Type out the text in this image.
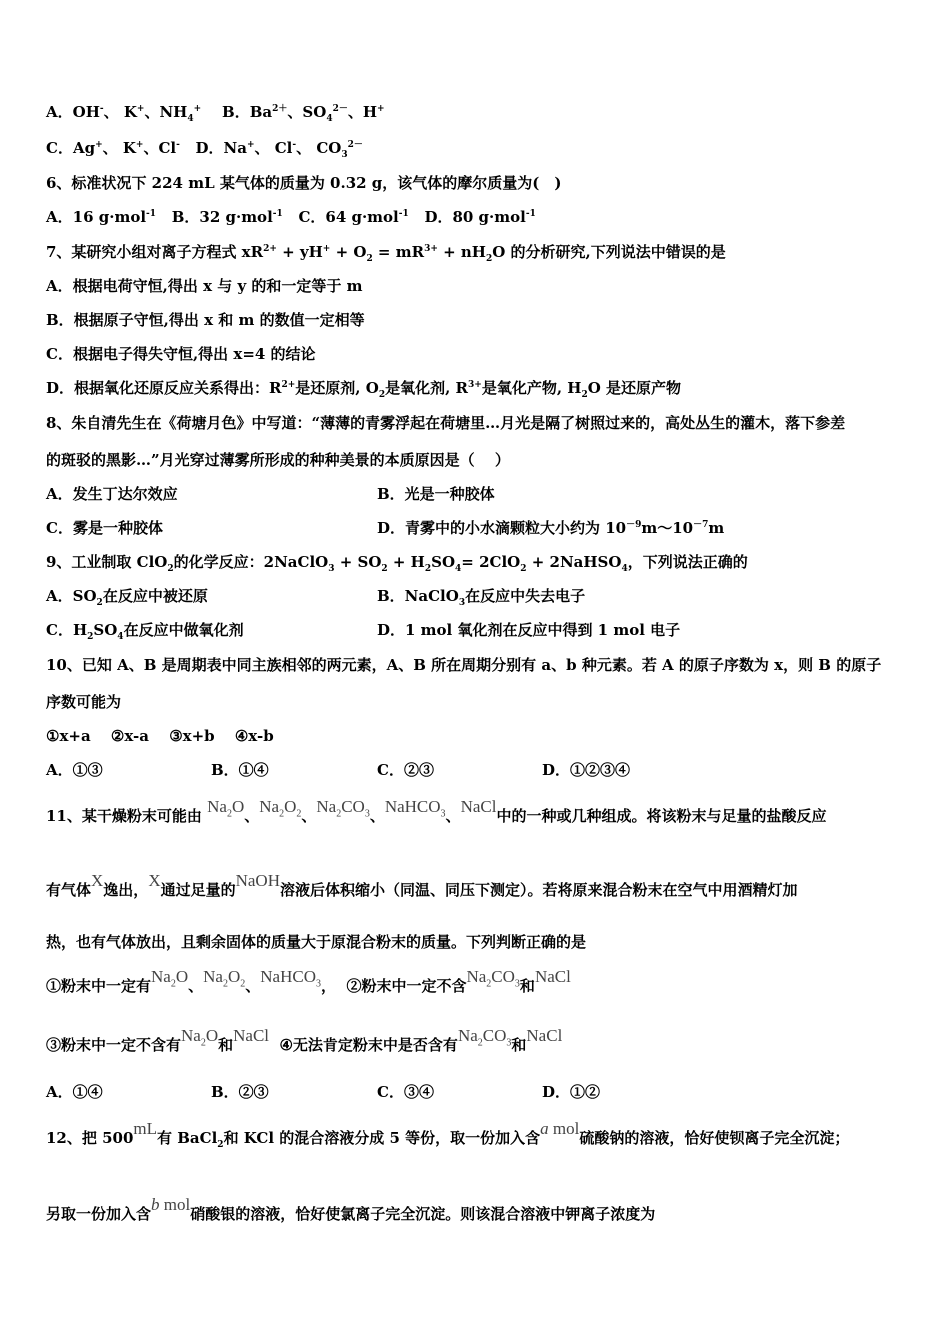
A．OH-、 K+、$NH_4^+$ B．$Ba^{2+}$、$SO_4^{2-}$、H+
C．Ag+、 K+、Cl- D．Na+、 Cl-、 $CO_3^{2-}$
6、标准状况下 224 mL 某气体的质量为 0.32 g，该气体的摩尔质量为(　)
A．16 g·mol$^{-1}$ B．32 g·mol$^{-1}$ C．64 g·mol$^{-1}$ D．80 g·mol$^{-1}$
7、某研究小组对离子方程式 $xR^{2+} + yH^+ + O_2 = mR^{3+} + nH_2O$ 的分析研究,下列说法中错误的是
A．根据电荷守恒,得出 x 与 y 的和一定等于 m
B．根据原子守恒,得出 x 和 m 的数值一定相等
C．根据电子得失守恒,得出 x=4 的结论
D．根据氧化还原反应关系得出：$R^{2+}$是还原剂, $O_2$是氧化剂, $R^{3+}$是氧化产物, $H_2O$ 是还原产物
8、朱自清先生在《荷塘月色》中写道：“薄薄的青雾浮起在荷塘里…月光是隔了树照过来的，高处丛生的灌木，落下参差
的斑驳的黑影…”月光穿过薄雾所形成的种种美景的本质原因是（　 ）
A．发生丁达尔效应	B．光是一种胶体
C．雾是一种胶体	D．青雾中的小水滴颗粒大小约为 $10^{-9}m\sim 10^{-7}m$
9、工业制取 ClO$_2$的化学反应：2NaClO$_3$ + $SO_2 + H_2SO_4= 2ClO_2$ + 2NaHSO$_4$，下列说法正确的
A．$SO_2$在反应中被还原	B．NaClO$_3$在反应中失去电子
C．$H_2SO_4$在反应中做氧化剂	D．1 mol 氧化剂在反应中得到 1 mol 电子
10、已知 A、B 是周期表中同主族相邻的两元素，A、B 所在周期分别有 a、b 种元素。若 A 的原子序数为 x，则 B 的原子
序数可能为
①x+a　 ②x-a　 ③x+b　 ④x-b
A．①③	B．①④	C．②③	D．①②③④
11、某干燥粉末可能由 $Na_2O$、$Na_2O_2$、$Na_2CO_3$、NaHCO$_3$、NaCl中的一种或几种组成。将该粉末与足量的盐酸反应
有气体X逸出，X通过足量的NaOH溶液后体积缩小（同温、同压下测定）。若将原来混合粉末在空气中用酒精灯加
热，也有气体放出，且剩余固体的质量大于原混合粉末的质量。下列判断正确的是
①粉末中一定有$Na_2O$、$Na_2O_2$、NaHCO$_3$， ②粉末中一定不含$Na_2CO_3$和NaCl
③粉末中一定不含有$Na_2O$和NaCl ④无法肯定粉末中是否含有$Na_2CO_3$和NaCl
A．①④	B．②③	C．③④	D．①②
12、把 500mL有 BaCl$_2$和 KCl 的混合溶液分成 5 等份，取一份加入含a mol硫酸钠的溶液，恰好使钡离子完全沉淀；
另取一份加入含b mol硝酸银的溶液，恰好使氯离子完全沉淀。则该混合溶液中钾离子浓度为
